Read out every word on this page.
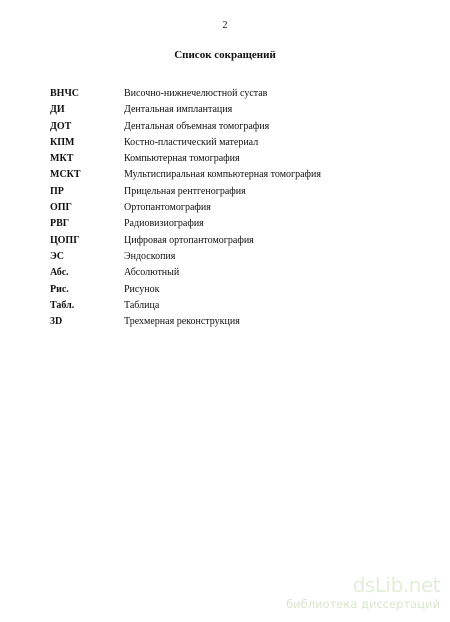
2
Список сокращений
ВНЧС	Височно-нижнечелюстной сустав
ДИ	Дентальная имплантация
ДОТ	Дентальная объемная томография
КПМ	Костно-пластический материал
МКТ	Компьютерная томография
МСКТ	Мультиспиральная компьютерная томография
ПР	Прицельная рентгенография
ОПГ	Ортопантомография
РВГ	Радиовизиография
ЦОПГ	Цифровая ортопантомография
ЭС	Эндоскопия
Абс.	Абсолютный
Рис.	Рисунок
Табл.	Таблица
3D	Трехмерная реконструкция
dsLib.net
библиотека диссертаций
